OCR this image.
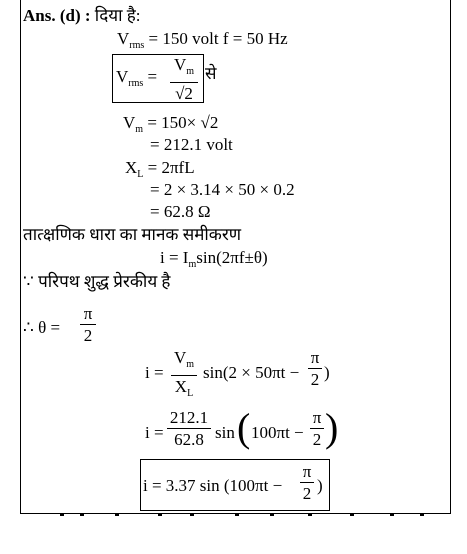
Ans. (d) : दिया है:
$V_{rms} = 150$ volt f = 50 Hz
$V_{rms}$ =
$V_m$
√2
से
$V_m = 150\times √2$
= 212.1 volt
$X_L = 2\pi fL$
= 2 × 3.14 × 50 × 0.2
= 62.8 Ω
तात्क्षणिक धारा का मानक समीकरण
$i = I_m\sin(2\pi f\pm\theta)$
∵ परिपथ शुद्ध प्रेरकीय है
∴ θ =
π
2
i =
$V_m$
$X_L$
sin(2 × 50πt −
π
2 )
i =
212.1
62.8 sin ( 100πt −
π
2 )
i = 3.37 sin (100πt −
π
2 )
